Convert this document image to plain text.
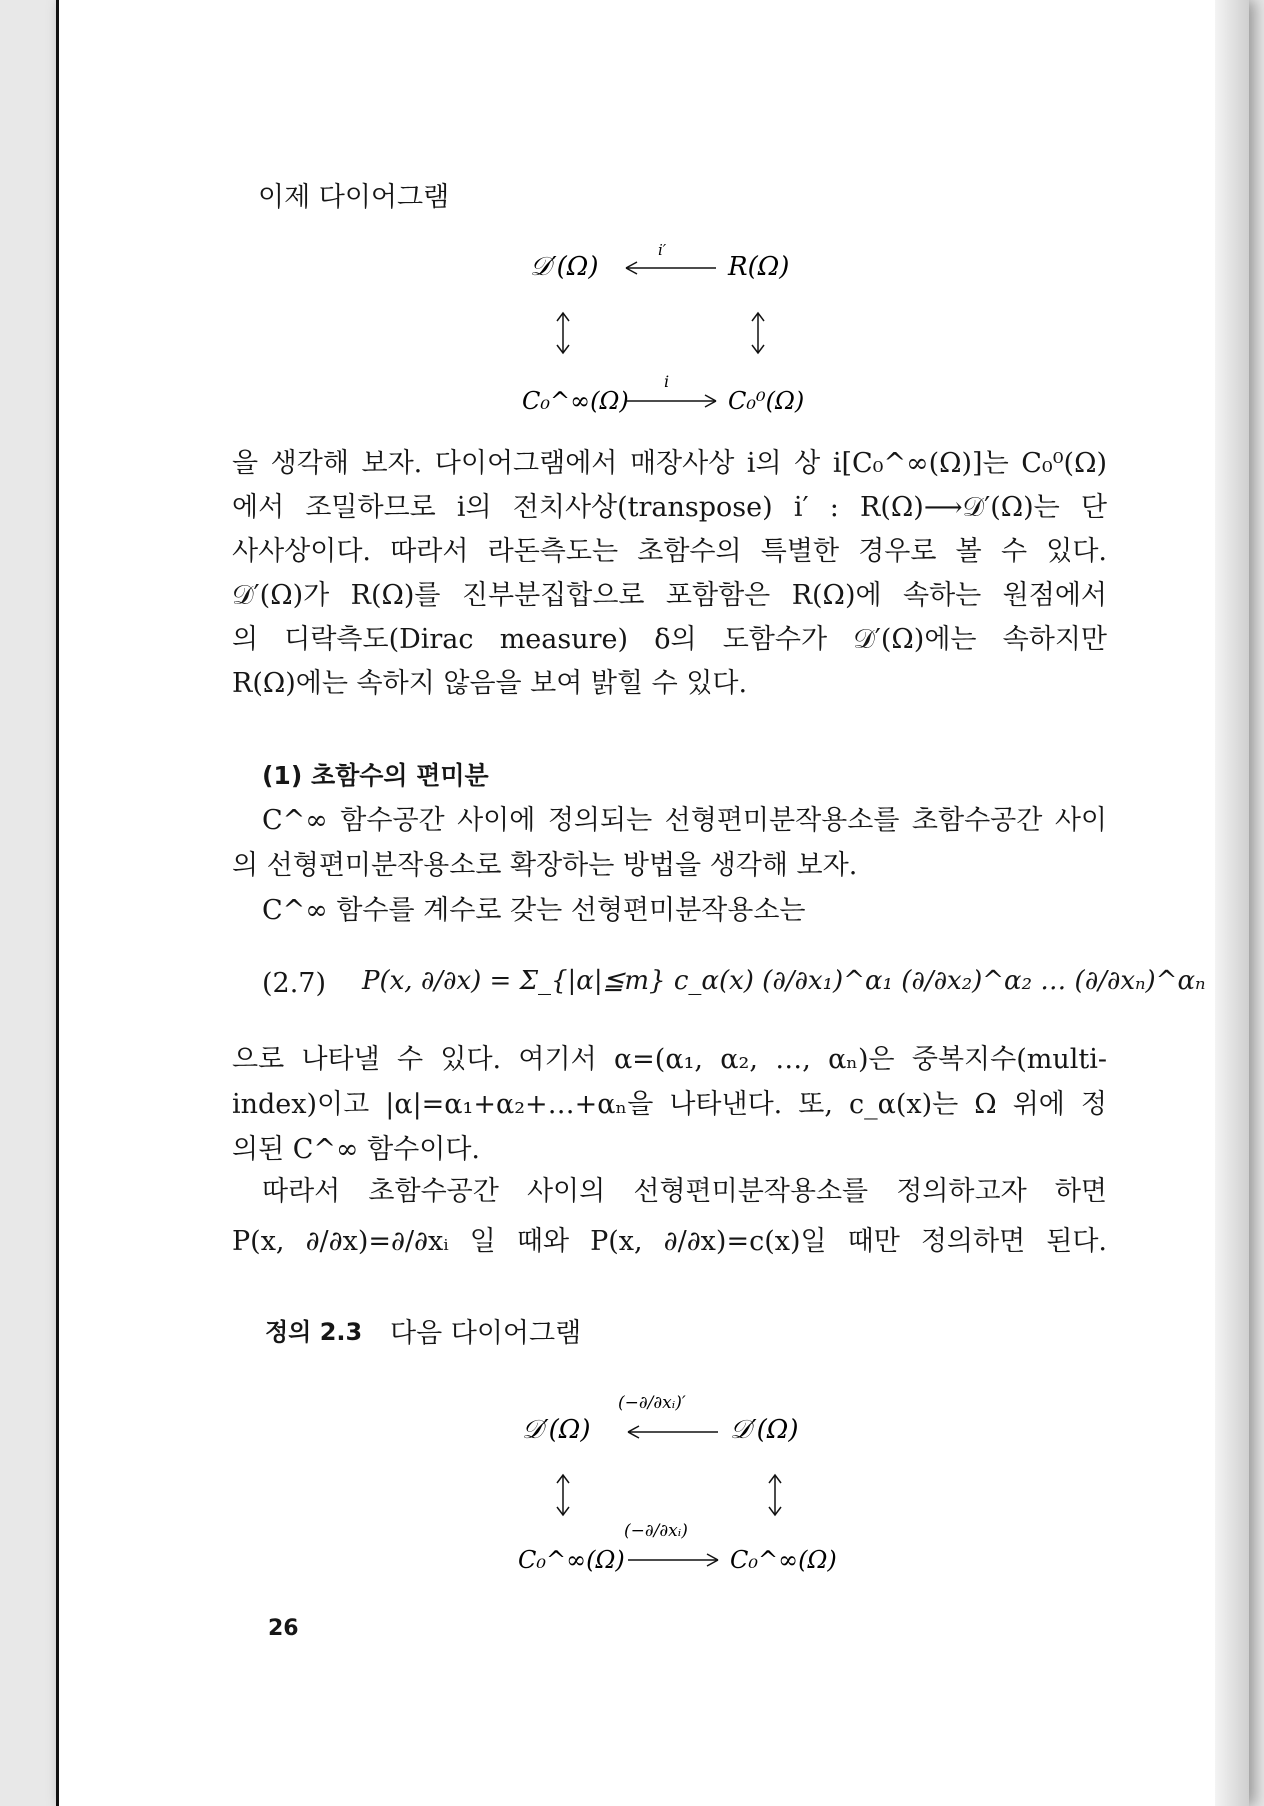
이제 다이어그램
𝒟′(Ω)
i′
R(Ω)
C₀^∞(Ω)
i
C₀⁰(Ω)
을 생각해 보자. 다이어그램에서 매장사상 i의 상 i[C₀^∞(Ω)]는 C₀⁰(Ω)
에서 조밀하므로 i의 전치사상(transpose) i′ : R(Ω)⟶𝒟′(Ω)는 단
사사상이다. 따라서 라돈측도는 초함수의 특별한 경우로 볼 수 있다.
𝒟′(Ω)가 R(Ω)를 진부분집합으로 포함함은 R(Ω)에 속하는 원점에서
의 디락측도(Dirac measure) δ의 도함수가 𝒟′(Ω)에는 속하지만
R(Ω)에는 속하지 않음을 보여 밝힐 수 있다.
(1) 초함수의 편미분
C^∞ 함수공간 사이에 정의되는 선형편미분작용소를 초함수공간 사이
의 선형편미분작용소로 확장하는 방법을 생각해 보자.
C^∞ 함수를 계수로 갖는 선형편미분작용소는
(2.7) P(x, ∂/∂x) = Σ_{|α|≦m} c_α(x) (∂/∂x₁)^α₁ (∂/∂x₂)^α₂ … (∂/∂xₙ)^αₙ
으로 나타낼 수 있다. 여기서 α=(α₁, α₂, …, αₙ)은 중복지수(multi-
index)이고 |α|=α₁+α₂+…+αₙ을 나타낸다. 또, c_α(x)는 Ω 위에 정
의된 C^∞ 함수이다.
따라서 초함수공간 사이의 선형편미분작용소를 정의하고자 하면
P(x, ∂/∂x)=∂/∂xᵢ 일 때와 P(x, ∂/∂x)=c(x)일 때만 정의하면 된다.
정의 2.3 다음 다이어그램
𝒟′(Ω)
(−∂/∂xᵢ)′
𝒟′(Ω)
(−∂/∂xᵢ)
C₀^∞(Ω)	C₀^∞(Ω)
26
